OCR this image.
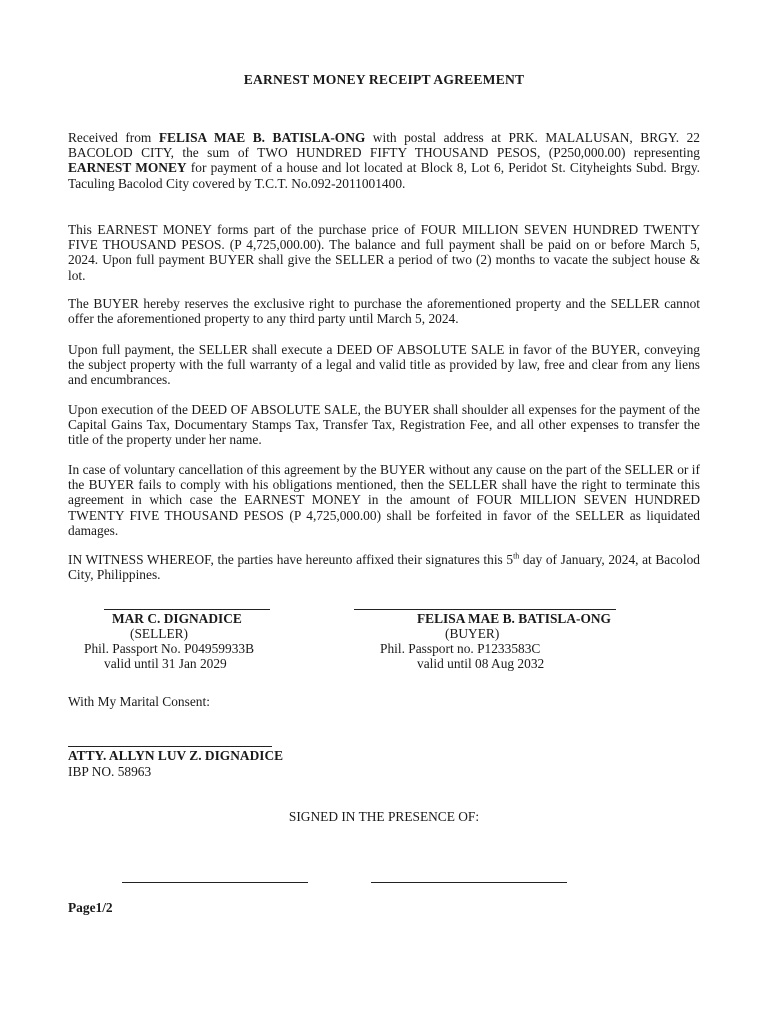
EARNEST MONEY RECEIPT AGREEMENT

Received from FELISA MAE B. BATISLA-ONG with postal address at PRK. MALALUSAN, BRGY. 22 BACOLOD CITY, the sum of TWO HUNDRED FIFTY THOUSAND PESOS, (P250,000.00) representing EARNEST MONEY for payment of a house and lot located at Block 8, Lot 6, Peridot St. Cityheights Subd. Brgy. Taculing Bacolod City covered by T.C.T. No.092-2011001400.

This EARNEST MONEY forms part of the purchase price of FOUR MILLION SEVEN HUNDRED TWENTY FIVE THOUSAND PESOS. (P 4,725,000.00). The balance and full payment shall be paid on or before March 5, 2024. Upon full payment BUYER shall give the SELLER a period of two (2) months to vacate the subject house & lot.

The BUYER hereby reserves the exclusive right to purchase the aforementioned property and the SELLER cannot offer the aforementioned property to any third party until March 5, 2024.

Upon full payment, the SELLER shall execute a DEED OF ABSOLUTE SALE in favor of the BUYER, conveying the subject property with the full warranty of a legal and valid title as provided by law, free and clear from any liens and encumbrances.

Upon execution of the DEED OF ABSOLUTE SALE, the BUYER shall shoulder all expenses for the payment of the Capital Gains Tax, Documentary Stamps Tax, Transfer Tax, Registration Fee, and all other expenses to transfer the title of the property under her name.

In case of voluntary cancellation of this agreement by the BUYER without any cause on the part of the SELLER or if the BUYER fails to comply with his obligations mentioned, then the SELLER shall have the right to terminate this agreement in which case the EARNEST MONEY in the amount of FOUR MILLION SEVEN HUNDRED TWENTY FIVE THOUSAND PESOS (P 4,725,000.00) shall be forfeited in favor of the SELLER as liquidated damages.

IN WITNESS WHEREOF, the parties have hereunto affixed their signatures this 5th day of January, 2024, at Bacolod City, Philippines.

MAR C. DIGNADICE
(SELLER)
Phil. Passport No. P04959933B
valid until 31 Jan 2029
FELISA MAE B. BATISLA-ONG
(BUYER)
Phil. Passport no. P1233583C
valid until 08 Aug 2032
With My Marital Consent:
ATTY. ALLYN LUV Z. DIGNADICE
IBP NO. 58963
SIGNED IN THE PRESENCE OF:
Page1/2
